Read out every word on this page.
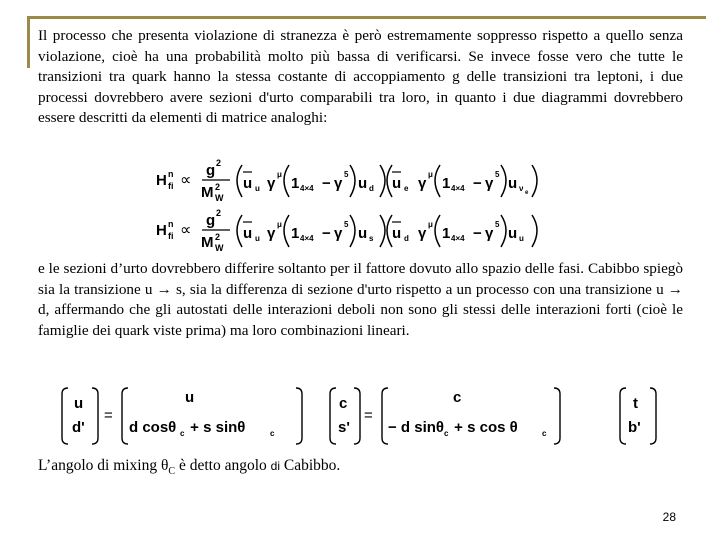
Il processo che presenta violazione di stranezza è però estremamente soppresso rispetto a quello senza violazione, cioè ha una probabilità molto più bassa di verificarsi. Se invece fosse vero che tutte le transizioni tra quark hanno la stessa costante di accoppiamento g delle transizioni tra leptoni, i due processi dovrebbero avere sezioni d'urto comparabili tra loro, in quanto i due diagrammi dovrebbero essere descritti da elementi di matrice analoghi:

H n
fi ∝
g 2
M 2
W
u u γ
μ
1 4×4 − γ
5
u d u e γ
μ
1 4×4 − γ
5
u ν e
H n
fi ∝
g 2
M 2
W
u u γ
μ
1 4×4 − γ
5
u s u d γ
μ
1 4×4 − γ
5
u u

e le sezioni d’urto dovrebbero differire soltanto per il fattore dovuto allo spazio delle fasi. Cabibbo spiegò sia la transizione u → s, sia la differenza di sezione d'urto rispetto a un processo con una transizione u → d, affermando che gli autostati delle interazioni deboli non sono gli stessi delle interazioni forti (cioè le famiglie dei quark viste prima) ma loro combinazioni lineari.

u
d'
=
u
d cosθ c + s sinθ	c
c
s'
=
c
− d sinθ c + s cos θ	c
t
b'
L’angolo di mixing $\theta_C$ è detto angolo di Cabibbo.
28
